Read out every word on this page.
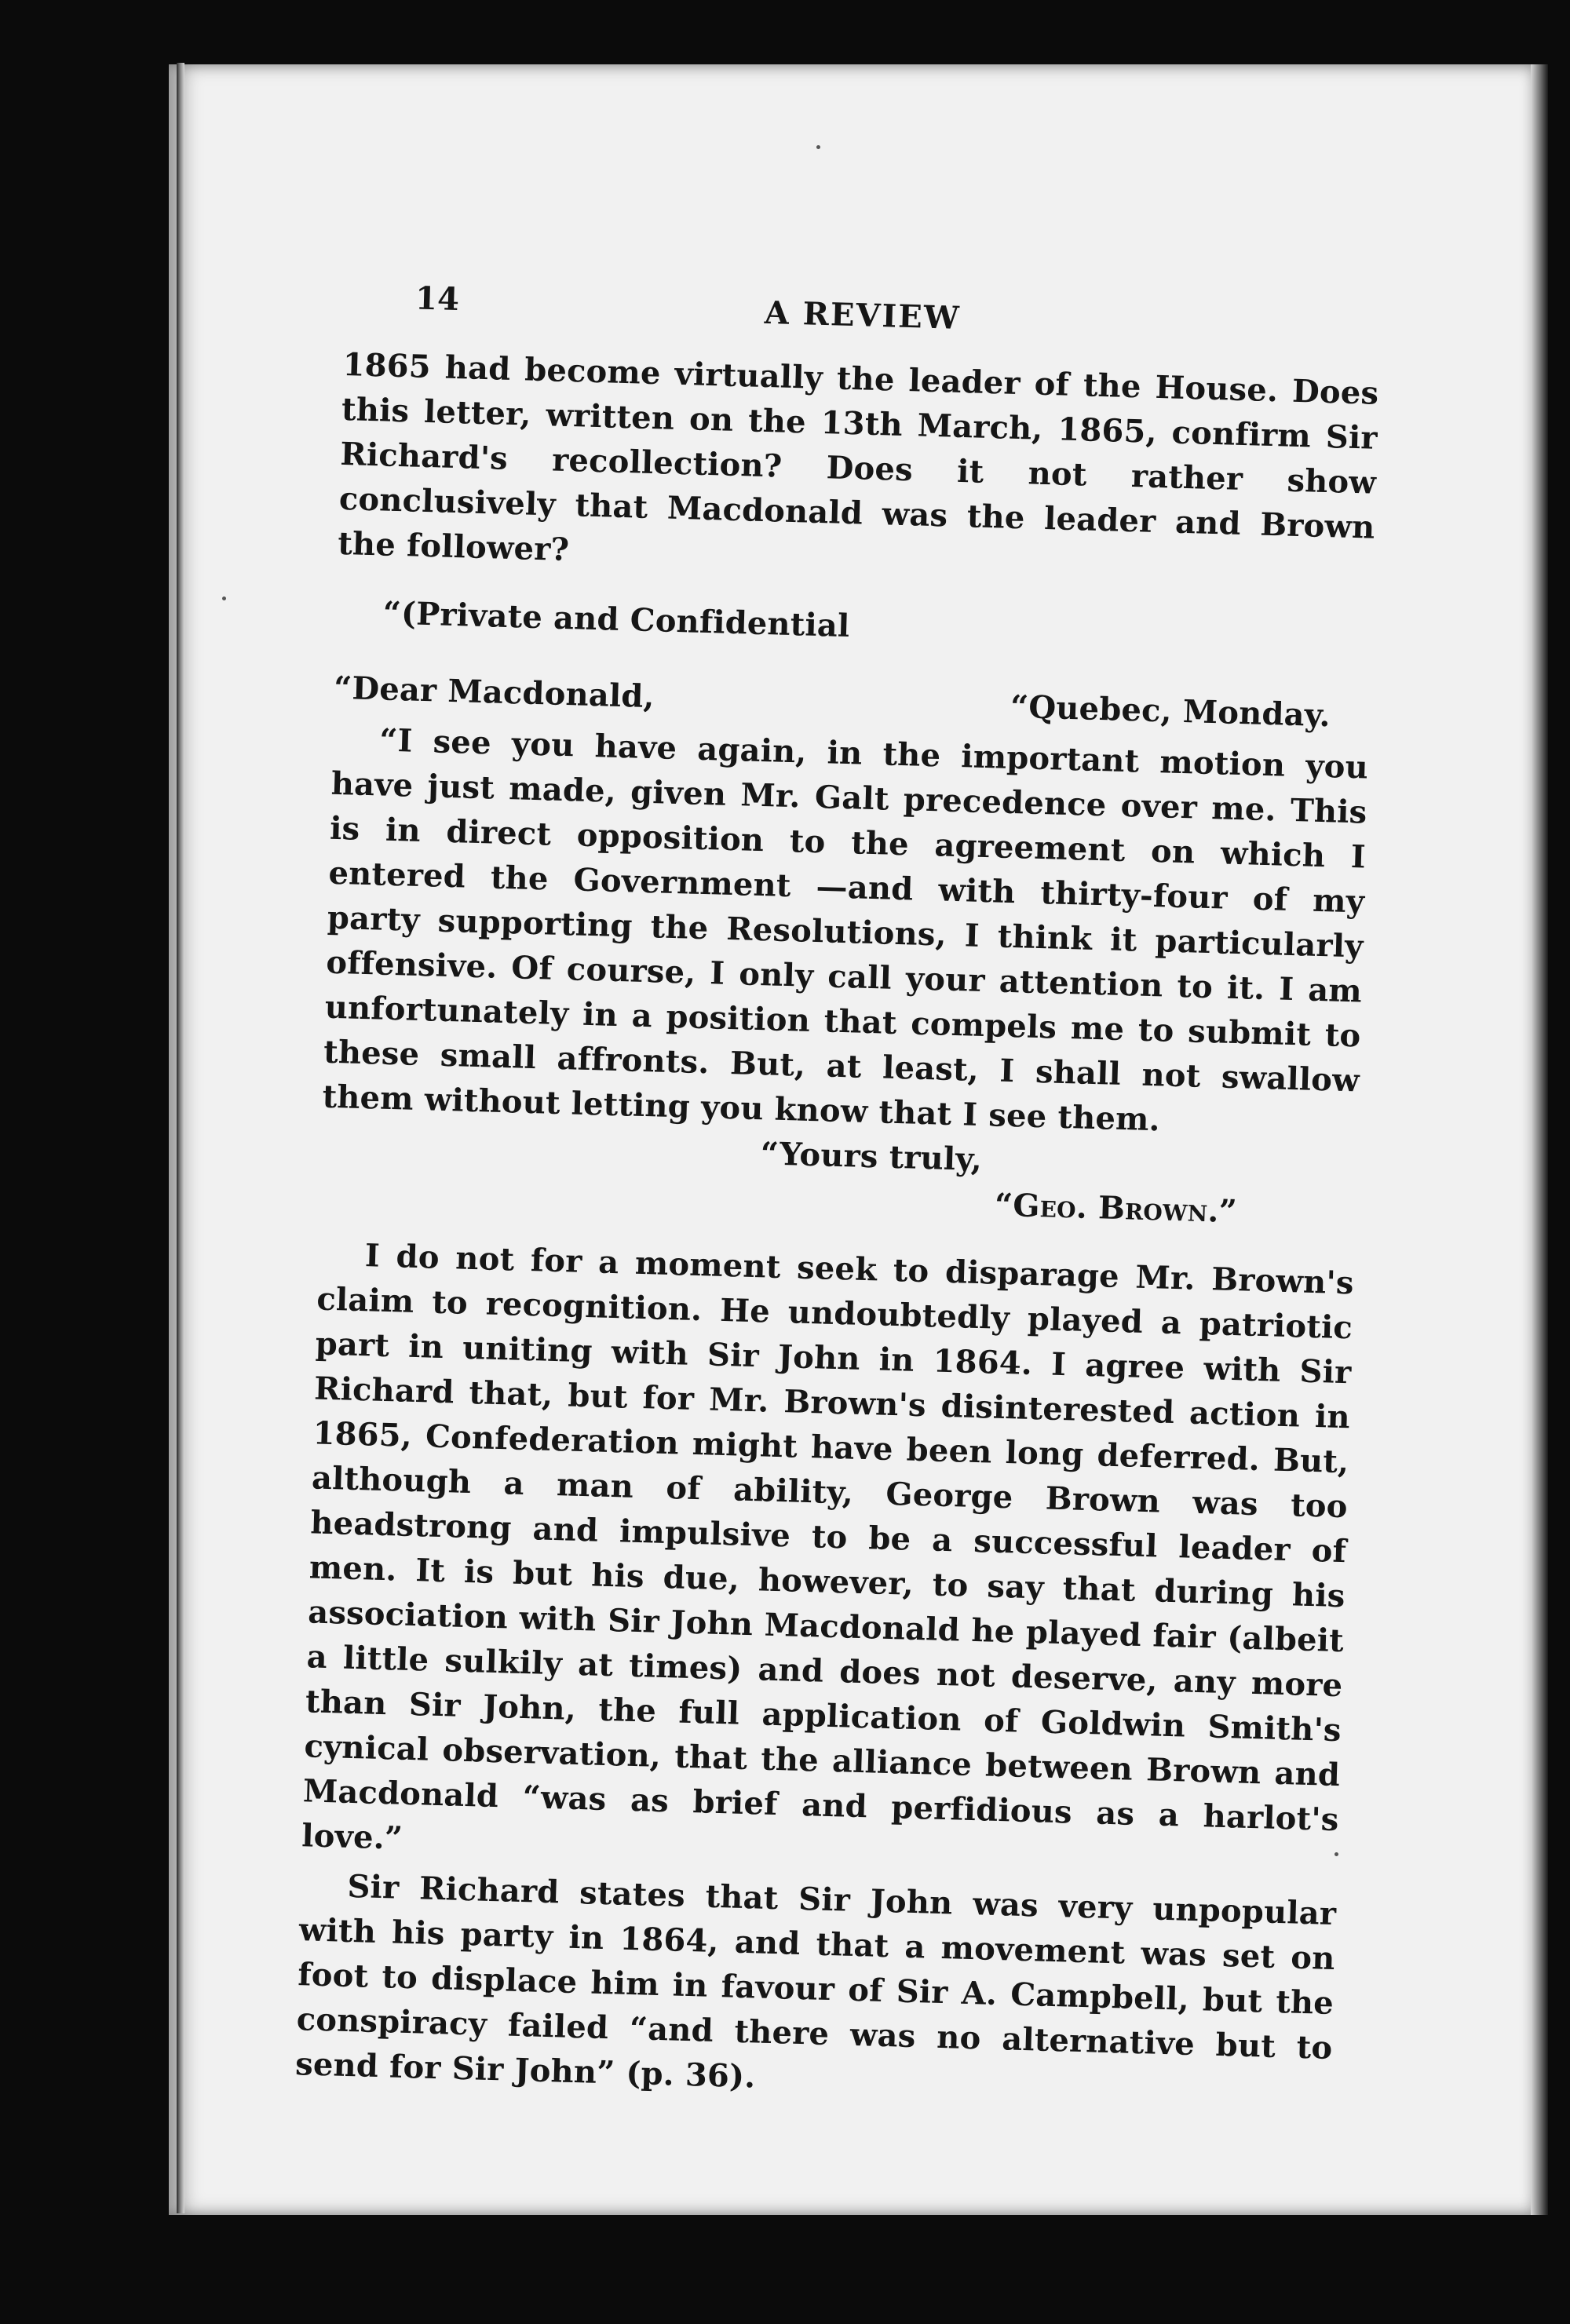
14	A REVIEW

1865 had become virtually the leader of the House. Does this letter, written on the 13th March, 1865, confirm Sir Richard's recollection? Does it not rather show conclusively that Macdonald was the leader and Brown the follower?

“(Private and Confidential

“Dear Macdonald,	“Quebec, Monday.

“I see you have again, in the important motion you have just made, given Mr. Galt precedence over me. This is in direct opposition to the agreement on which I entered the Government —and with thirty-four of my party supporting the Resolutions, I think it particularly offensive. Of course, I only call your attention to it. I am unfortunately in a position that compels me to submit to these small affronts. But, at least, I shall not swallow them without letting you know that I see them.

“Yours truly,

“Geo. Brown.”

I do not for a moment seek to disparage Mr. Brown's claim to recognition. He undoubtedly played a patriotic part in uniting with Sir John in 1864. I agree with Sir Richard that, but for Mr. Brown's disinterested action in 1865, Confederation might have been long deferred. But, although a man of ability, George Brown was too headstrong and impulsive to be a successful leader of men. It is but his due, however, to say that during his association with Sir John Macdonald he played fair (albeit a little sulkily at times) and does not deserve, any more than Sir John, the full application of Goldwin Smith's cynical observation, that the alliance between Brown and Macdonald “was as brief and perfidious as a harlot's love.”

Sir Richard states that Sir John was very unpopular with his party in 1864, and that a movement was set on foot to displace him in favour of Sir A. Campbell, but the conspiracy failed “and there was no alternative but to send for Sir John” (p. 36).
